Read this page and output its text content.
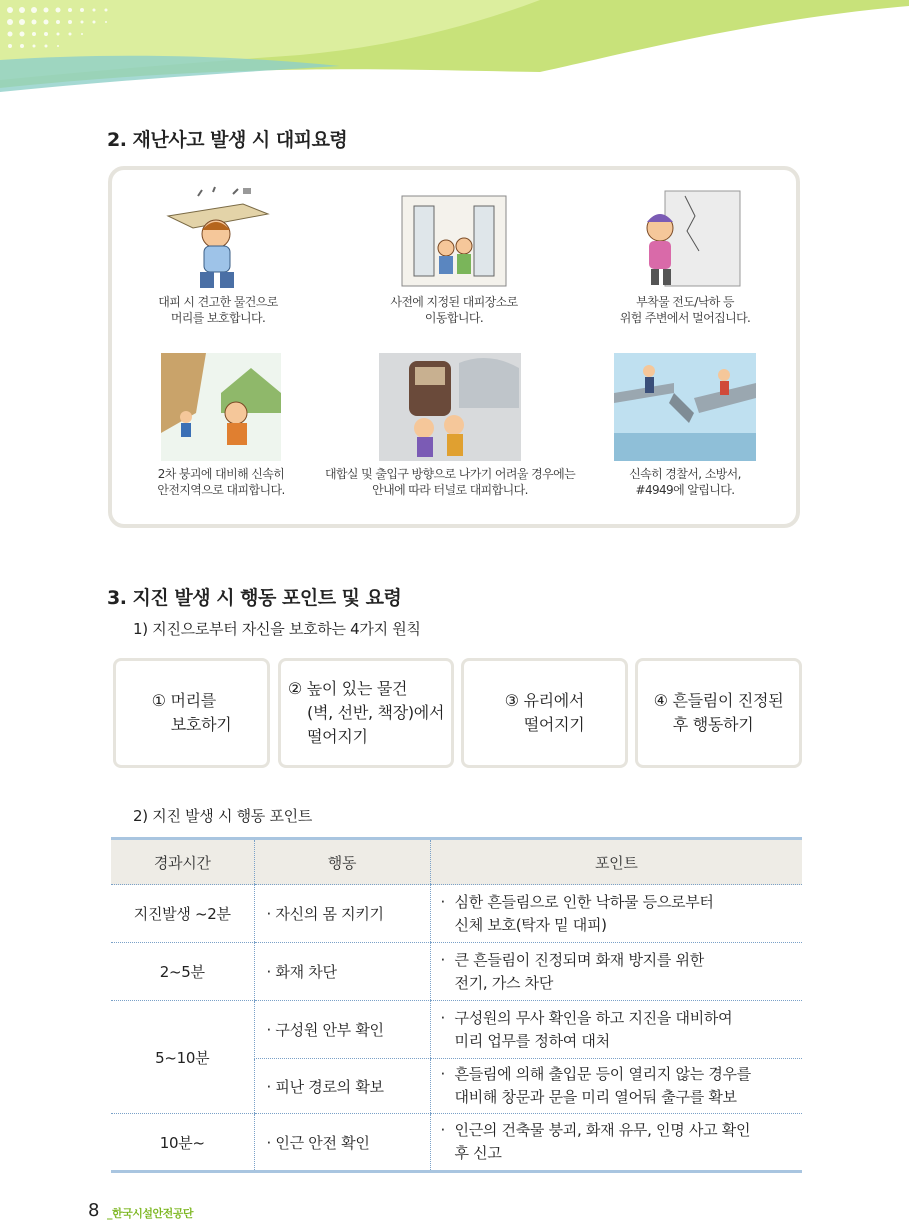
2. 재난사고 발생 시 대피요령
대피 시 견고한 물건으로
머리를 보호합니다.
사전에 지정된 대피장소로
이동합니다.
부착물 전도/낙하 등
위험 주변에서 멀어집니다.
2차 붕괴에 대비해 신속히
안전지역으로 대피합니다.
대합실 및 출입구 방향으로 나가기 어려울 경우에는
안내에 따라 터널로 대피합니다.
신속히 경찰서, 소방서,
#4949에 알립니다.
3. 지진 발생 시 행동 포인트 및 요령

1) 지진으로부터 자신을 보호하는 4가지 원칙

① 머리를
보호하기
② 높이 있는 물건
(벽, 선반, 책장)에서
떨어지기
③ 유리에서
떨어지기
④ 흔들림이 진정된
후 행동하기

2) 지진 발생 시 행동 포인트

경과시간	행동	포인트
지진발생 ~2분	· 자신의 몸 지키기	· 심한 흔들림으로 인한 낙하물 등으로부터
신체 보호(탁자 밑 대피)

2~5분	· 화재 차단	· 큰 흔들림이 진정되며 화재 방지를 위한
전기, 가스 차단

5~10분	· 구성원 안부 확인	· 구성원의 무사 확인을 하고 지진을 대비하여
미리 업무를 정하여 대처

	· 피난 경로의 확보	· 흔들림에 의해 출입문 등이 열리지 않는 경우를
대비해 창문과 문을 미리 열어둬 출구를 확보

10분~	· 인근 안전 확인	· 인근의 건축물 붕괴, 화재 유무, 인명 사고 확인
후 신고
8 _한국시설안전공단
